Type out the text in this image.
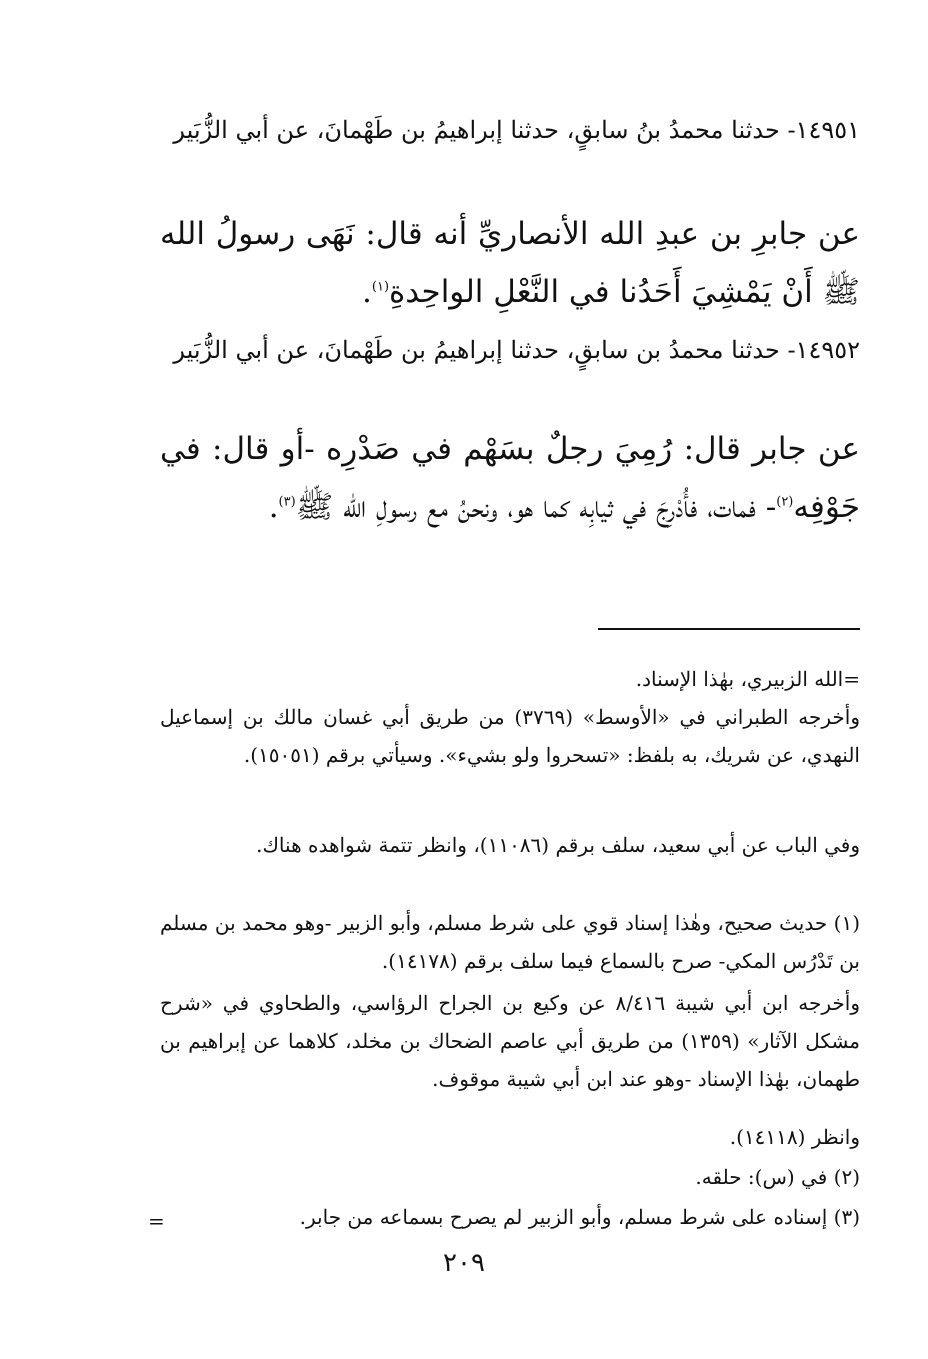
١٤٩٥١- حدثنا محمدُ بنُ سابقٍ، حدثنا إبراهيمُ بن طَهْمانَ، عن أبي الزُّبَير

عن جابرِ بن عبدِ الله الأنصاريِّ أنه قال: نَهَى رسولُ الله ﷺ أَنْ يَمْشِيَ أَحَدُنا في النَّعْلِ الواحِدةِ$^{(١)}$.

١٤٩٥٢- حدثنا محمدُ بن سابقٍ، حدثنا إبراهيمُ بن طَهْمانَ، عن أبي الزُّبَير

عن جابر قال: رُمِيَ رجلٌ بسَهْم في صَدْرِه -أو قال: في جَوْفِه$^{(٢)}$- فمات، فأُدْرِجَ في ثيابِه كما هو، ونحنُ مع رسولِ الله ﷺ$^{(٣)}$.

=الله الزبيري، بهٰذا الإسناد.

وأخرجه الطبراني في «الأوسط» (٣٧٦٩) من طريق أبي غسان مالك بن إسماعيل النهدي، عن شريك، به بلفظ: «تسحروا ولو بشيء». وسيأتي برقم (١٥٠٥١).

وفي الباب عن أبي سعيد، سلف برقم (١١٠٨٦)، وانظر تتمة شواهده هناك.

(١) حديث صحيح، وهٰذا إسناد قوي على شرط مسلم، وأبو الزبير -وهو محمد بن مسلم بن تَدْرُس المكي- صرح بالسماع فيما سلف برقم (١٤١٧٨).

وأخرجه ابن أبي شيبة ٨/٤١٦ عن وكيع بن الجراح الرؤاسي، والطحاوي في «شرح مشكل الآثار» (١٣٥٩) من طريق أبي عاصم الضحاك بن مخلد، كلاهما عن إبراهيم بن طهمان، بهٰذا الإسناد -وهو عند ابن أبي شيبة موقوف.

وانظر (١٤١١٨).

(٢) في (س): حلقه.

(٣) إسناده على شرط مسلم، وأبو الزبير لم يصرح بسماعه من جابر.

=
٢٠٩
